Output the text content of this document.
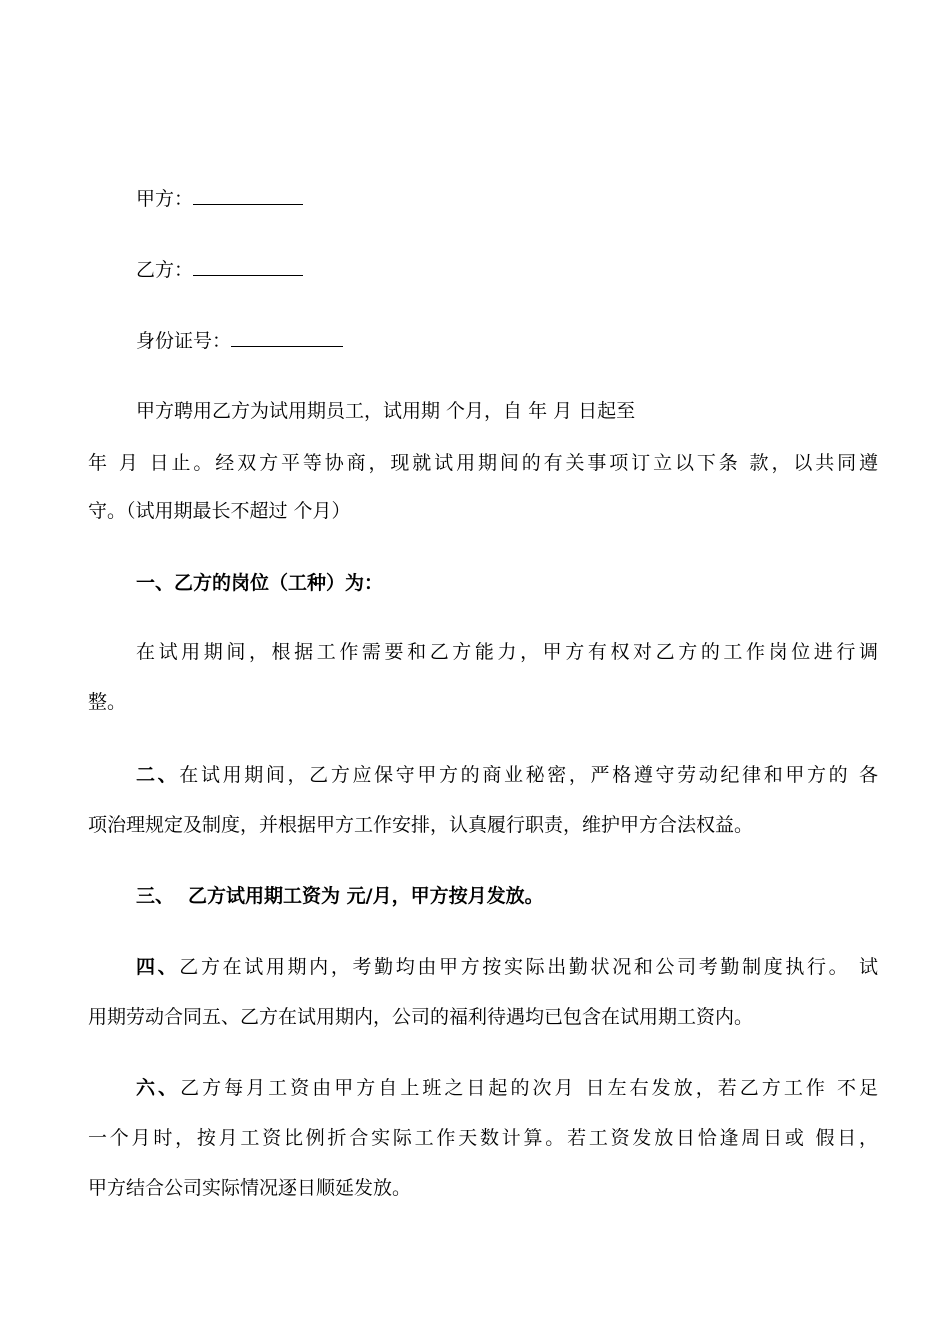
甲方：
乙方：
身份证号：
甲方聘用乙方为试用期员工，试用期 个月，自 年 月 日起至
年 月 日止。经双方平等协商，现就试用期间的有关事项订立以下条 款，以共同遵
守。（试用期最长不超过 个月）
一、乙方的岗位（工种）为：
在试用期间，根据工作需要和乙方能力，甲方有权对乙方的工作岗位进行调
整。
二、在试用期间，乙方应保守甲方的商业秘密，严格遵守劳动纪律和甲方的 各
项治理规定及制度，并根据甲方工作安排，认真履行职责，维护甲方合法权益。
三、 乙方试用期工资为 元/月，甲方按月发放。
四、乙方在试用期内，考勤均由甲方按实际出勤状况和公司考勤制度执行。 试
用期劳动合同五、乙方在试用期内，公司的福利待遇均已包含在试用期工资内。
六、乙方每月工资由甲方自上班之日起的次月 日左右发放，若乙方工作 不足
一个月时，按月工资比例折合实际工作天数计算。若工资发放日恰逢周日或 假日，
甲方结合公司实际情况逐日顺延发放。
